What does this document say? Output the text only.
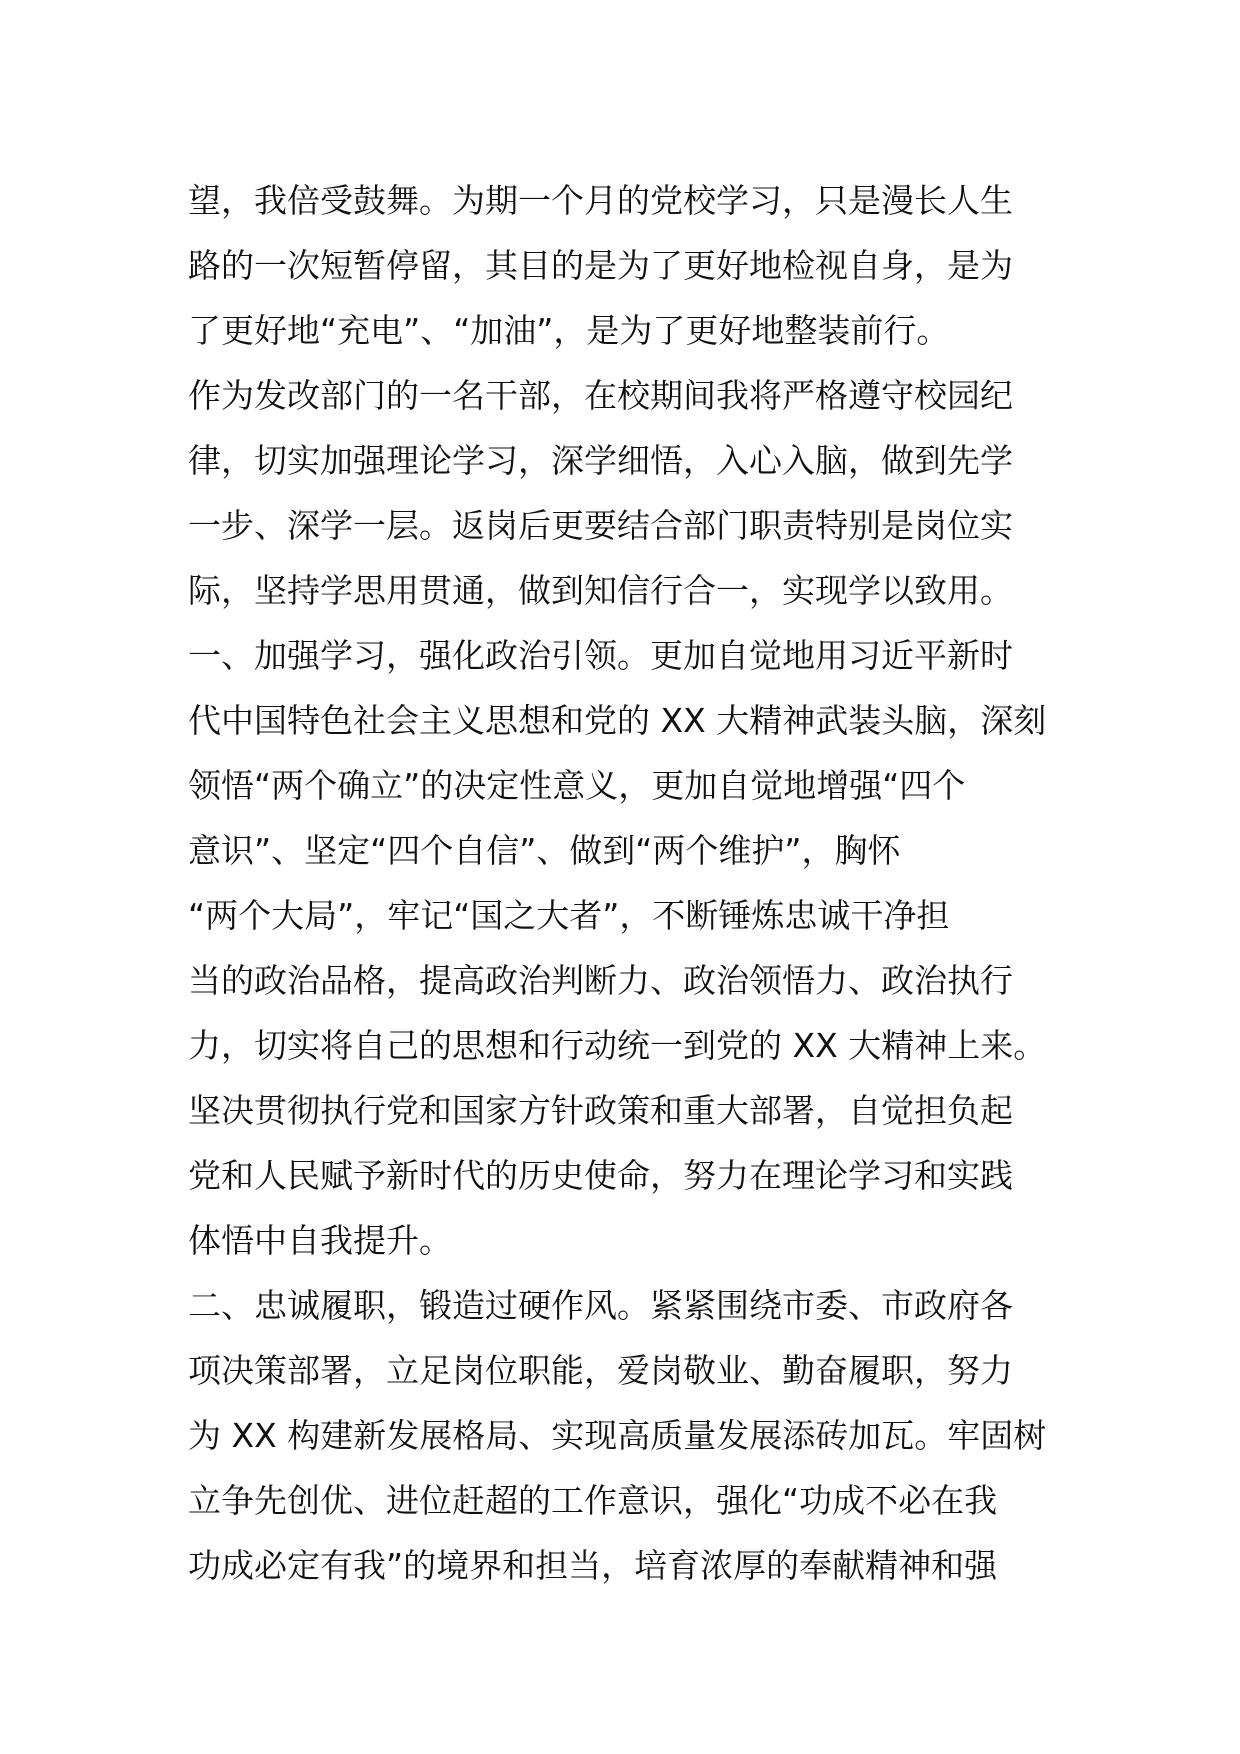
望，我倍受鼓舞。为期一个月的党校学习，只是漫长人生
路的一次短暂停留，其目的是为了更好地检视自身，是为
了更好地“充电”、“加油”，是为了更好地整装前行。
作为发改部门的一名干部，在校期间我将严格遵守校园纪
律，切实加强理论学习，深学细悟，入心入脑，做到先学
一步、深学一层。返岗后更要结合部门职责特别是岗位实
际，坚持学思用贯通，做到知信行合一，实现学以致用。
一、加强学习，强化政治引领。更加自觉地用习近平新时
代中国特色社会主义思想和党的 XX 大精神武装头脑，深刻
领悟“两个确立”的决定性意义，更加自觉地增强“四个
意识”、坚定“四个自信”、做到“两个维护”，胸怀
“两个大局”，牢记“国之大者”，不断锤炼忠诚干净担
当的政治品格，提高政治判断力、政治领悟力、政治执行
力，切实将自己的思想和行动统一到党的 XX 大精神上来。
坚决贯彻执行党和国家方针政策和重大部署，自觉担负起
党和人民赋予新时代的历史使命，努力在理论学习和实践
体悟中自我提升。
二、忠诚履职，锻造过硬作风。紧紧围绕市委、市政府各
项决策部署，立足岗位职能，爱岗敬业、勤奋履职，努力
为 XX 构建新发展格局、实现高质量发展添砖加瓦。牢固树
立争先创优、进位赶超的工作意识，强化“功成不必在我
功成必定有我”的境界和担当，培育浓厚的奉献精神和强
